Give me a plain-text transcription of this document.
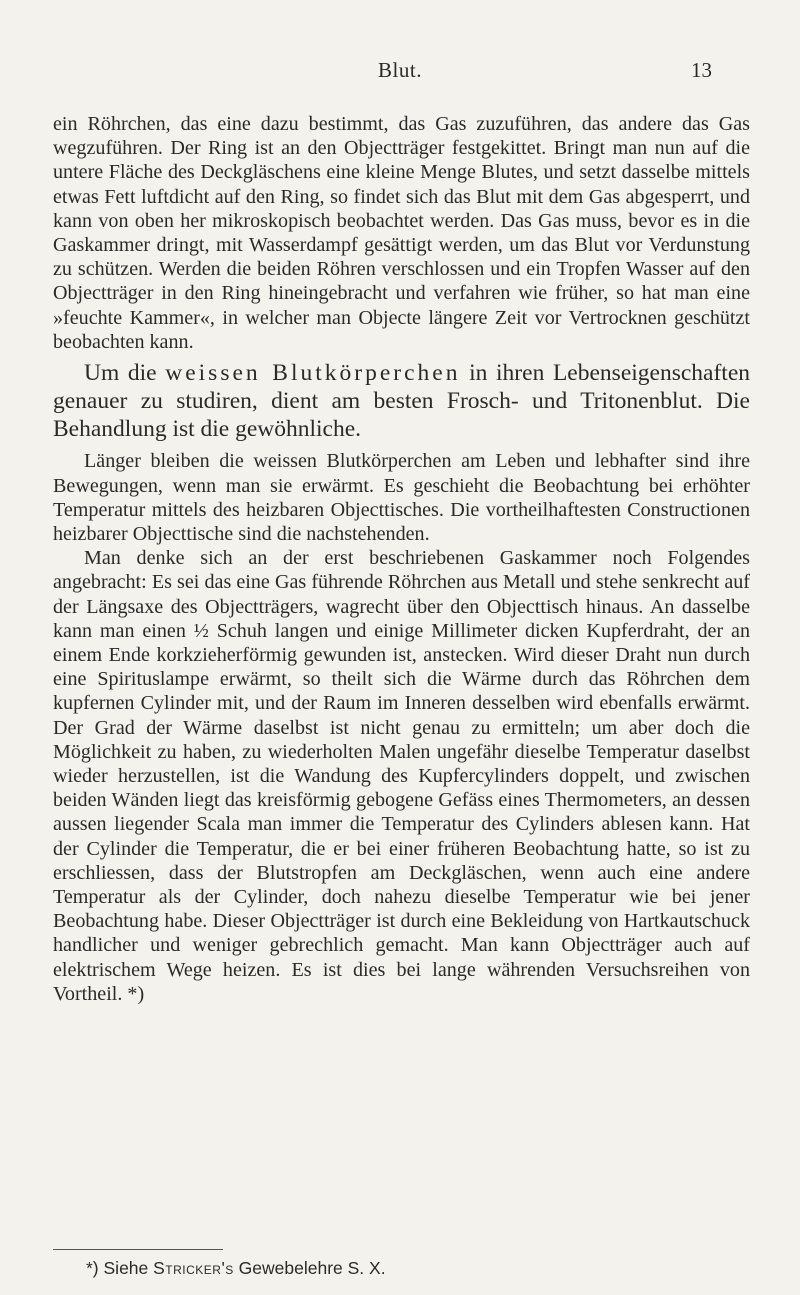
Blut.	13

ein Röhrchen, das eine dazu bestimmt, das Gas zuzuführen, das andere das Gas wegzuführen. Der Ring ist an den Objectträger festgekittet. Bringt man nun auf die untere Fläche des Deckgläschens eine kleine Menge Blutes, und setzt dasselbe mittels etwas Fett luftdicht auf den Ring, so findet sich das Blut mit dem Gas abgesperrt, und kann von oben her mikroskopisch beobachtet werden. Das Gas muss, bevor es in die Gaskammer dringt, mit Wasserdampf gesättigt werden, um das Blut vor Verdunstung zu schützen. Werden die beiden Röhren verschlossen und ein Tropfen Wasser auf den Objectträger in den Ring hineingebracht und verfahren wie früher, so hat man eine »feuchte Kammer«, in welcher man Objecte längere Zeit vor Vertrocknen geschützt beobachten kann.

Um die weissen Blutkörperchen in ihren Lebenseigenschaften genauer zu studiren, dient am besten Frosch- und Tritonenblut. Die Behandlung ist die gewöhnliche.

Länger bleiben die weissen Blutkörperchen am Leben und lebhafter sind ihre Bewegungen, wenn man sie erwärmt. Es geschieht die Beobachtung bei erhöhter Temperatur mittels des heizbaren Objecttisches. Die vortheilhaftesten Constructionen heizbarer Objecttische sind die nachstehenden.

Man denke sich an der erst beschriebenen Gaskammer noch Folgendes angebracht: Es sei das eine Gas führende Röhrchen aus Metall und stehe senkrecht auf der Längsaxe des Objectträgers, wagrecht über den Objecttisch hinaus. An dasselbe kann man einen ½ Schuh langen und einige Millimeter dicken Kupferdraht, der an einem Ende korkzieherförmig gewunden ist, anstecken. Wird dieser Draht nun durch eine Spirituslampe erwärmt, so theilt sich die Wärme durch das Röhrchen dem kupfernen Cylinder mit, und der Raum im Inneren desselben wird ebenfalls erwärmt. Der Grad der Wärme daselbst ist nicht genau zu ermitteln; um aber doch die Möglichkeit zu haben, zu wiederholten Malen ungefähr dieselbe Temperatur daselbst wieder herzustellen, ist die Wandung des Kupfercylinders doppelt, und zwischen beiden Wänden liegt das kreisförmig gebogene Gefäss eines Thermometers, an dessen aussen liegender Scala man immer die Temperatur des Cylinders ablesen kann. Hat der Cylinder die Temperatur, die er bei einer früheren Beobachtung hatte, so ist zu erschliessen, dass der Blutstropfen am Deckgläschen, wenn auch eine andere Temperatur als der Cylinder, doch nahezu dieselbe Temperatur wie bei jener Beobachtung habe. Dieser Objectträger ist durch eine Bekleidung von Hartkautschuck handlicher und weniger gebrechlich gemacht. Man kann Objectträger auch auf elektrischem Wege heizen. Es ist dies bei lange währenden Versuchsreihen von Vortheil. *)

*) Siehe Stricker's Gewebelehre S. X.
